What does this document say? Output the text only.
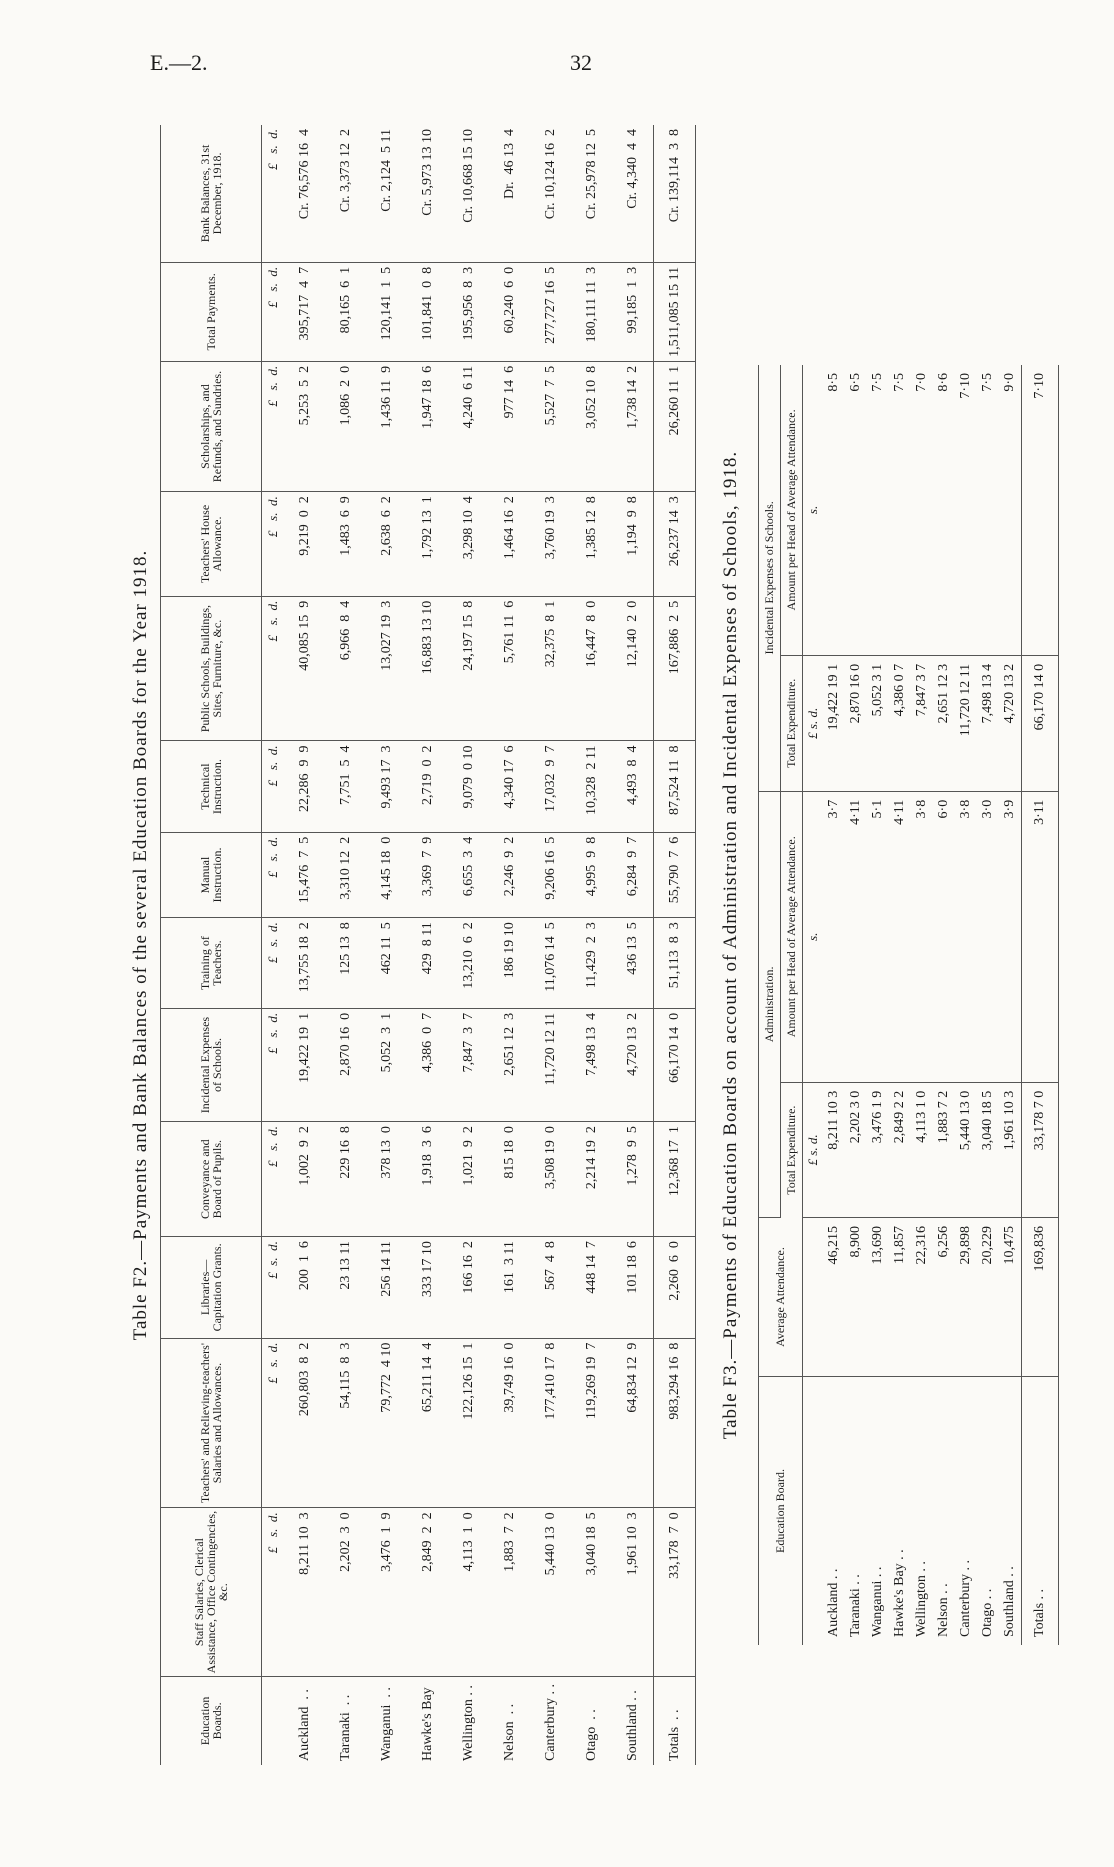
E.—2.	32
Table F2.—Payments and Bank Balances of the several Education Boards for the Year 1918.
Education Boards.	Staff Salaries, Clerical Assistance, Office Contingencies, &c.	Teachers' and Relieving-teachers' Salaries and Allowances.	Libraries—Capitation Grants.	Conveyance and Board of Pupils.	Incidental Expenses of Schools.	Training of Teachers.	Manual Instruction.	Technical Instruction.	Public Schools, Buildings, Sites, Furniture, &c.	Teachers' House Allowance.	Scholarships, and Refunds, and Sundries.	Total Payments.	Bank Balances, 31st December, 1918.
	£   s.  d.	£   s.  d.	£  s.  d.	£   s.  d.	£   s.  d.	£   s.  d.	£   s.  d.	£   s.  d.	£   s.  d.	£   s.  d.	£   s.  d.	£   s.  d.	£   s.  d.
Auckland  . .	8,211 10  3	260,803  8  2	200  1  6	1,002  9  2	19,422 19  1	13,755 18  2	15,476  7  5	22,286  9  9	40,085 15  9	9,219  0  2	5,253  5  2	395,717  4  7	Cr. 76,576 16  4
Taranaki  . .	2,202  3  0	54,115  8  3	23 13 11	229 16  8	2,870 16  0	125 13  8	3,310 12  2	7,751  5  4	6,966  8  4	1,483  6  9	1,086  2  0	80,165  6  1	Cr. 3,373 12  2
Wanganui  . .	3,476  1  9	79,772  4 10	256 14 11	378 13  0	5,052  3  1	462 11  5	4,145 18  0	9,493 17  3	13,027 19  3	2,638  6  2	1,436 11  9	120,141  1  5	Cr. 2,124  5 11
Hawke's Bay	2,849  2  2	65,211 14  4	333 17 10	1,918  3  6	4,386  0  7	429  8 11	3,369  7  9	2,719  0  2	16,883 13 10	1,792 13  1	1,947 18  6	101,841  0  8	Cr. 5,973 13 10
Wellington . .	4,113  1  0	122,126 15  1	166 16  2	1,021  9  2	7,847  3  7	13,210  6  2	6,655  3  4	9,079  0 10	24,197 15  8	3,298 10  4	4,240  6 11	195,956  8  3	Cr. 10,668 15 10
Nelson  . .	1,883  7  2	39,749 16  0	161  3 11	815 18  0	2,651 12  3	186 19 10	2,246  9  2	4,340 17  6	5,761 11  6	1,464 16  2	977 14  6	60,240  6  0	Dr.  46 13  4
Canterbury . .	5,440 13  0	177,410 17  8	567  4  8	3,508 19  0	11,720 12 11	11,076 14  5	9,206 16  5	17,032  9  7	32,375  8  1	3,760 19  3	5,527  7  5	277,727 16  5	Cr. 10,124 16  2
Otago  . .	3,040 18  5	119,269 19  7	448 14  7	2,214 19  2	7,498 13  4	11,429  2  3	4,995  9  8	10,328  2 11	16,447  8  0	1,385 12  8	3,052 10  8	180,111 11  3	Cr. 25,978 12  5
Southland . .	1,961 10  3	64,834 12  9	101 18  6	1,278  9  5	4,720 13  2	436 13  5	6,284  9  7	4,493  8  4	12,140  2  0	1,194  9  8	1,738 14  2	99,185  1  3	Cr. 4,340  4  4
Totals  . .	33,178  7  0	983,294 16  8	2,260  6  0	12,368 17  1	66,170 14  0	51,113  8  3	55,790  7  6	87,524 11  8	167,886  2  5	26,237 14  3	26,260 11  1	1,511,085 15 11	Cr. 139,114  3  8
Table F3.—Payments of Education Boards on account of Administration and Incidental Expenses of Schools, 1918.
Education Board.	Average Attendance.	Administration.		Incidental Expenses of Schools.	
		Total Expenditure.	Amount per Head of Average Attendance.	Total Expenditure.	Amount per Head of Average Attendance.
		£ s. d.	s.	£ s. d.	s.
Auckland . .	46,215	8,211 10 3	3·7	19,422 19 1	8·5
Taranaki . .	8,900	2,202 3 0	4·11	2,870 16 0	6·5
Wanganui . .	13,690	3,476 1 9	5·1	5,052 3 1	7·5
Hawke's Bay . .	11,857	2,849 2 2	4·11	4,386 0 7	7·5
Wellington . .	22,316	4,113 1 0	3·8	7,847 3 7	7·0
Nelson . .	6,256	1,883 7 2	6·0	2,651 12 3	8·6
Canterbury . .	29,898	5,440 13 0	3·8	11,720 12 11	7·10
Otago . .	20,229	3,040 18 5	3·0	7,498 13 4	7·5
Southland . .	10,475	1,961 10 3	3·9	4,720 13 2	9·0
Totals . .	169,836	33,178 7 0	3·11	66,170 14 0	7·10
